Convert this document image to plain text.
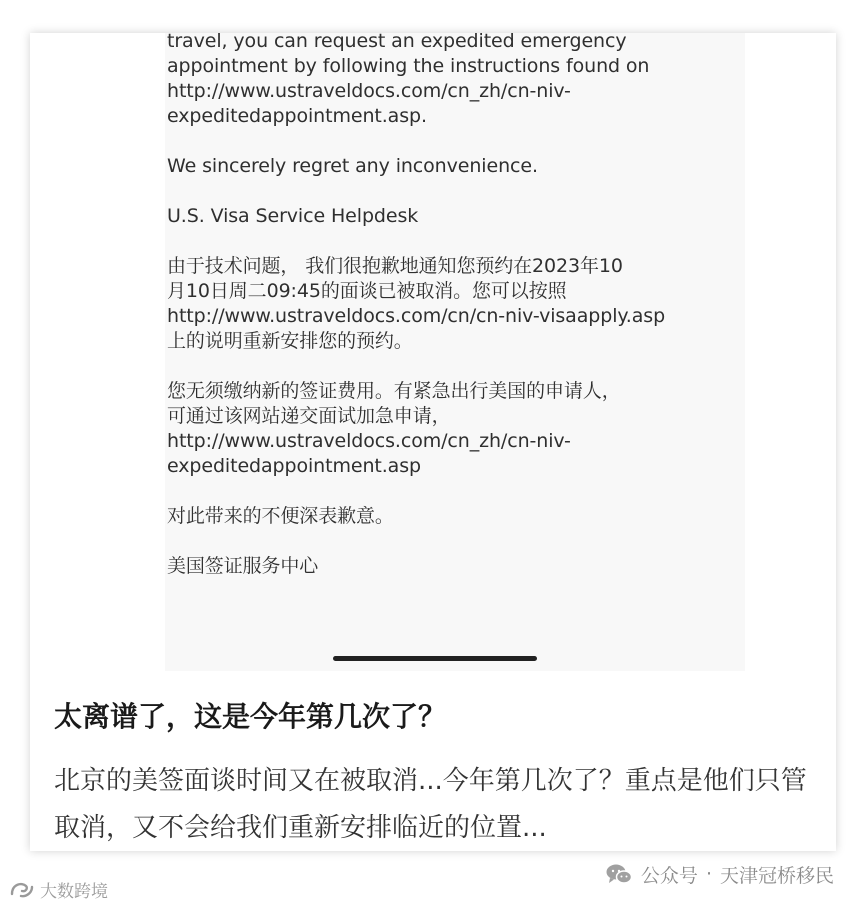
travel, you can request an expedited emergency
appointment by following the instructions found on
http://www.ustraveldocs.com/cn_zh/cn-niv-
expeditedappointment.asp.

We sincerely regret any inconvenience.

U.S. Visa Service Helpdesk

由于技术问题， 我们很抱歉地通知您预约在2023年10
月10日周二09:45的面谈已被取消。您可以按照
http://www.ustraveldocs.com/cn/cn-niv-visaapply.asp
上的说明重新安排您的预约。

您无须缴纳新的签证费用。有紧急出行美国的申请人，
可通过该网站递交面试加急申请，
http://www.ustraveldocs.com/cn_zh/cn-niv-
expeditedappointment.asp

对此带来的不便深表歉意。

美国签证服务中心

太离谱了，这是今年第几次了？
北京的美签面谈时间又在被取消...今年第几次了？重点是他们只管取消，又不会给我们重新安排临近的位置...
大数跨境
公众号 · 天津冠桥移民
